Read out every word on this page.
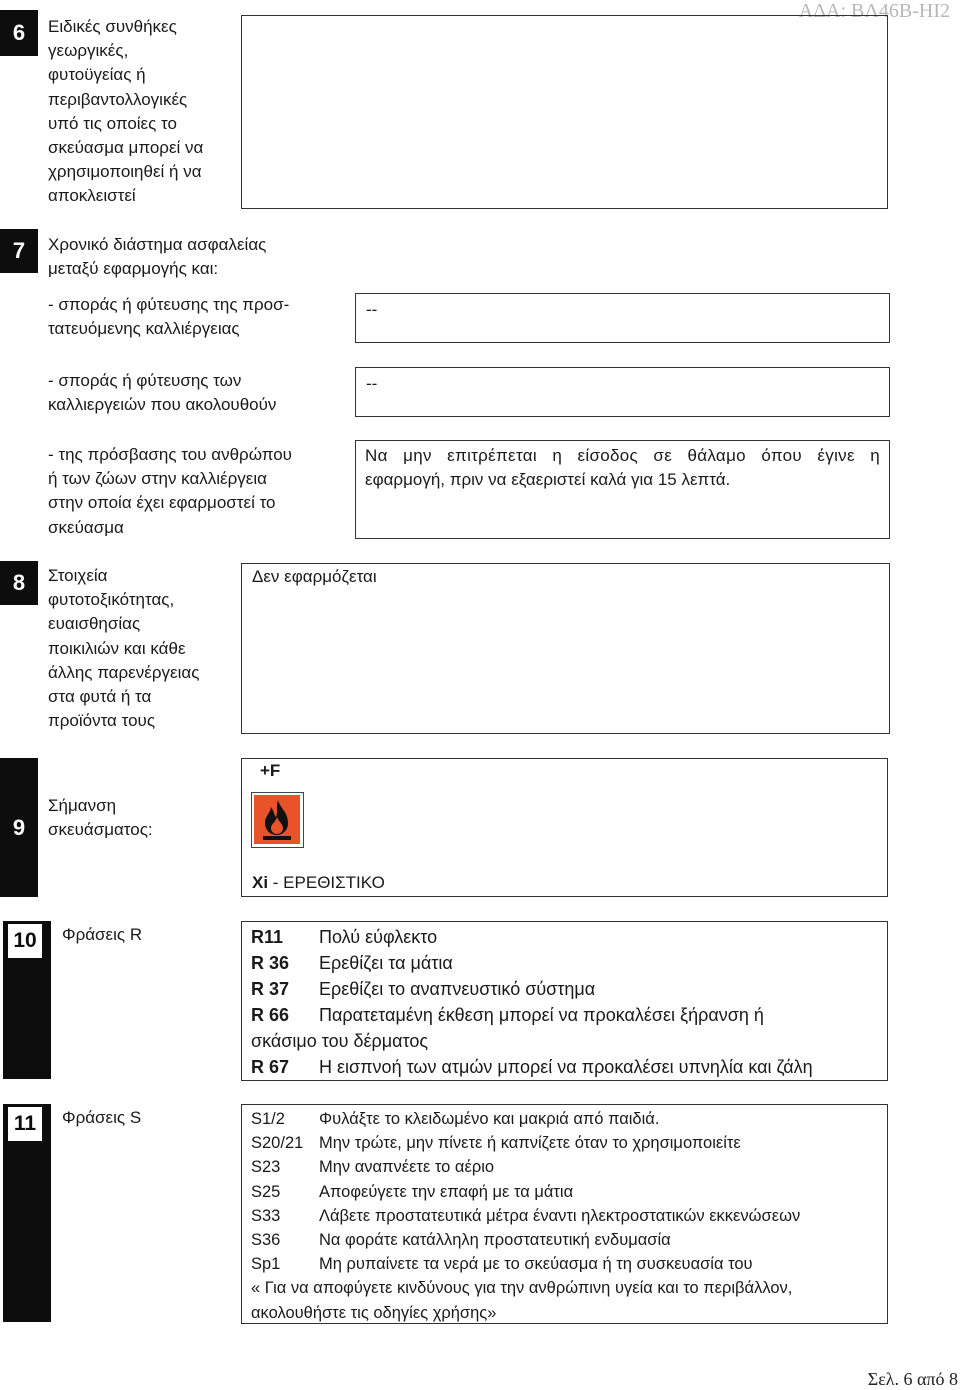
ΑΔΑ: ΒΛ46Β-ΗΙ2
6	Ειδικές συνθήκες
γεωργικές,
φυτοϋγείας ή
περιβαντολλογικές
υπό τις οποίες το
σκεύασμα μπορεί να
χρησιμοποιηθεί ή να
αποκλειστεί
7	Χρονικό διάστημα ασφαλείας
μεταξύ εφαρμογής και:
- σποράς ή φύτευσης της προσ-
τατευόμενης καλλιέργειας
--
- σποράς ή φύτευσης των
καλλιεργειών που ακολουθούν
--
- της πρόσβασης του ανθρώπου
ή των ζώων στην καλλιέργεια
στην οποία έχει εφαρμοστεί το
σκεύασμα
Να μην επιτρέπεται η είσοδος σε θάλαμο όπου έγινε η
εφαρμογή, πριν να εξαεριστεί καλά για 15 λεπτά.
8	Στοιχεία
φυτοτοξικότητας,
ευαισθησίας
ποικιλιών και κάθε
άλλης παρενέργειας
στα φυτά ή τα
προϊόντα τους
Δεν εφαρμόζεται
9
Σήμανση
σκευάσματος:
+F
Xi - ΕΡΕΘΙΣΤΙΚΟ
10	Φράσεις R	R11	Πολύ εύφλεκτο
R 36	Ερεθίζει τα μάτια
R 37	Ερεθίζει το αναπνευστικό σύστημα
R 66	Παρατεταμένη έκθεση μπορεί να προκαλέσει ξήρανση ή
σκάσιμο του δέρματος
R 67	Η εισπνοή των ατμών μπορεί να προκαλέσει υπνηλία και ζάλη
11	Φράσεις S	S1/2	Φυλάξτε το κλειδωμένο και μακριά από παιδιά.
S20/21 Μην τρώτε, μην πίνετε ή καπνίζετε όταν το χρησιμοποιείτε
S23	Μην αναπνέετε το αέριο
S25	Αποφεύγετε την επαφή με τα μάτια
S33	Λάβετε προστατευτικά μέτρα έναντι ηλεκτροστατικών εκκενώσεων
S36	Να φοράτε κατάλληλη προστατευτική ενδυμασία
Sp1	Μη ρυπαίνετε τα νερά με το σκεύασμα ή τη συσκευασία του
« Για να αποφύγετε κινδύνους για την ανθρώπινη υγεία και το περιβάλλον,
ακολουθήστε τις οδηγίες χρήσης»
Σελ. 6 από 8
